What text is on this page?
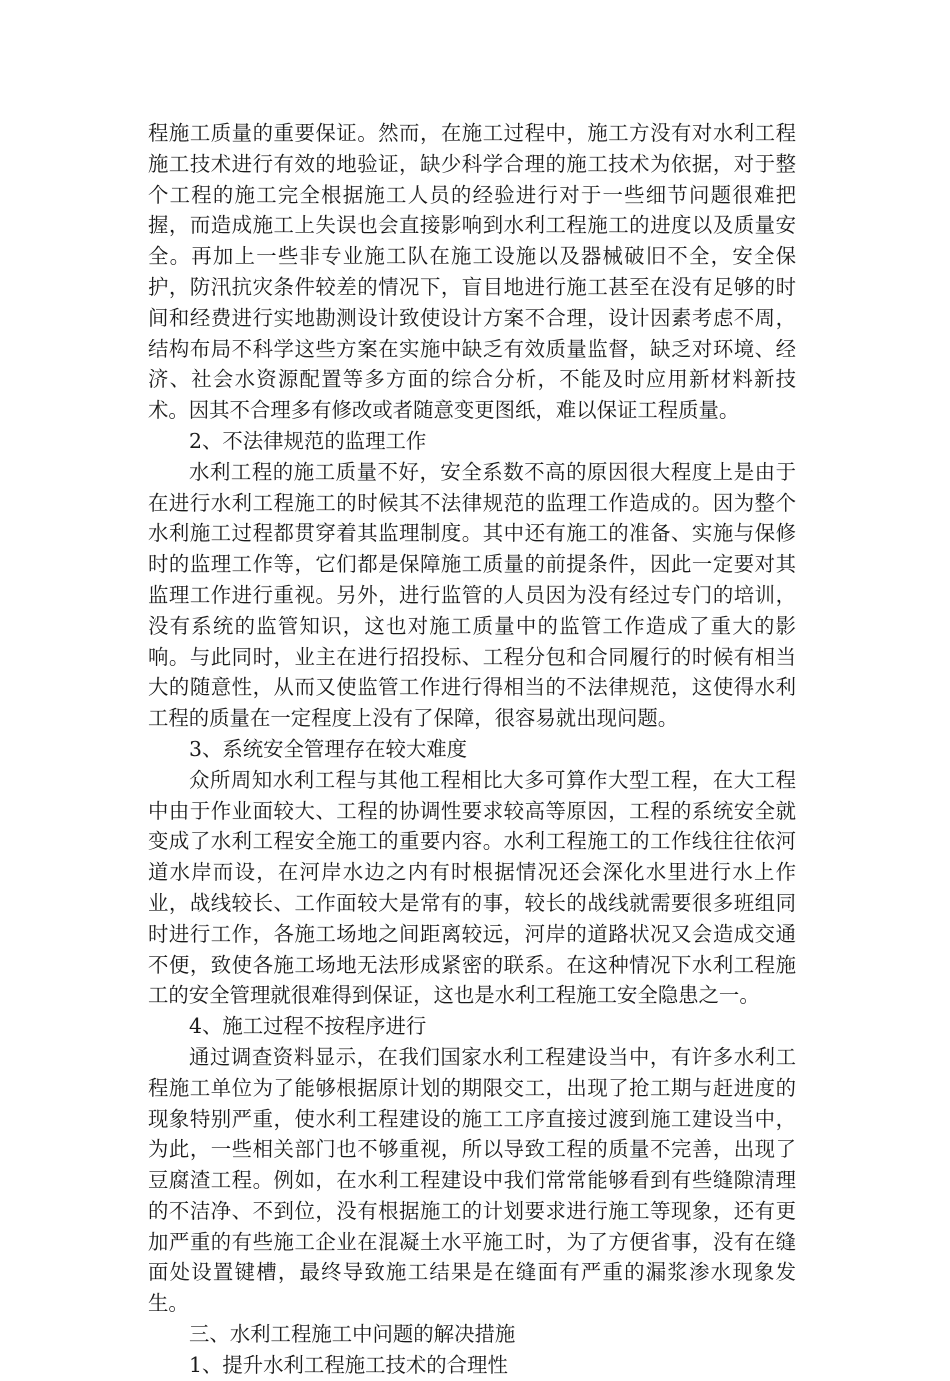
程施工质量的重要保证。然而，在施工过程中，施工方没有对水利工程施工技术进行有效的地验证，缺少科学合理的施工技术为依据，对于整个工程的施工完全根据施工人员的经验进行对于一些细节问题很难把握，而造成施工上失误也会直接影响到水利工程施工的进度以及质量安全。再加上一些非专业施工队在施工设施以及器械破旧不全，安全保护，防汛抗灾条件较差的情况下，盲目地进行施工甚至在没有足够的时间和经费进行实地勘测设计致使设计方案不合理，设计因素考虑不周，结构布局不科学这些方案在实施中缺乏有效质量监督，缺乏对环境、经济、社会水资源配置等多方面的综合分析，不能及时应用新材料新技术。因其不合理多有修改或者随意变更图纸，难以保证工程质量。

2、不法律规范的监理工作

水利工程的施工质量不好，安全系数不高的原因很大程度上是由于在进行水利工程施工的时候其不法律规范的监理工作造成的。因为整个水利施工过程都贯穿着其监理制度。其中还有施工的准备、实施与保修时的监理工作等，它们都是保障施工质量的前提条件，因此一定要对其监理工作进行重视。另外，进行监管的人员因为没有经过专门的培训，没有系统的监管知识，这也对施工质量中的监管工作造成了重大的影响。与此同时，业主在进行招投标、工程分包和合同履行的时候有相当大的随意性，从而又使监管工作进行得相当的不法律规范，这使得水利工程的质量在一定程度上没有了保障，很容易就出现问题。

3、系统安全管理存在较大难度

众所周知水利工程与其他工程相比大多可算作大型工程，在大工程中由于作业面较大、工程的协调性要求较高等原因，工程的系统安全就变成了水利工程安全施工的重要内容。水利工程施工的工作线往往依河道水岸而设，在河岸水边之内有时根据情况还会深化水里进行水上作业，战线较长、工作面较大是常有的事，较长的战线就需要很多班组同时进行工作，各施工场地之间距离较远，河岸的道路状况又会造成交通不便，致使各施工场地无法形成紧密的联系。在这种情况下水利工程施工的安全管理就很难得到保证，这也是水利工程施工安全隐患之一。

4、施工过程不按程序进行

通过调查资料显示，在我们国家水利工程建设当中，有许多水利工程施工单位为了能够根据原计划的期限交工，出现了抢工期与赶进度的现象特别严重，使水利工程建设的施工工序直接过渡到施工建设当中，为此，一些相关部门也不够重视，所以导致工程的质量不完善，出现了豆腐渣工程。例如，在水利工程建设中我们常常能够看到有些缝隙清理的不洁净、不到位，没有根据施工的计划要求进行施工等现象，还有更加严重的有些施工企业在混凝土水平施工时，为了方便省事，没有在缝面处设置键槽，最终导致施工结果是在缝面有严重的漏浆渗水现象发生。

三、水利工程施工中问题的解决措施

1、提升水利工程施工技术的合理性
